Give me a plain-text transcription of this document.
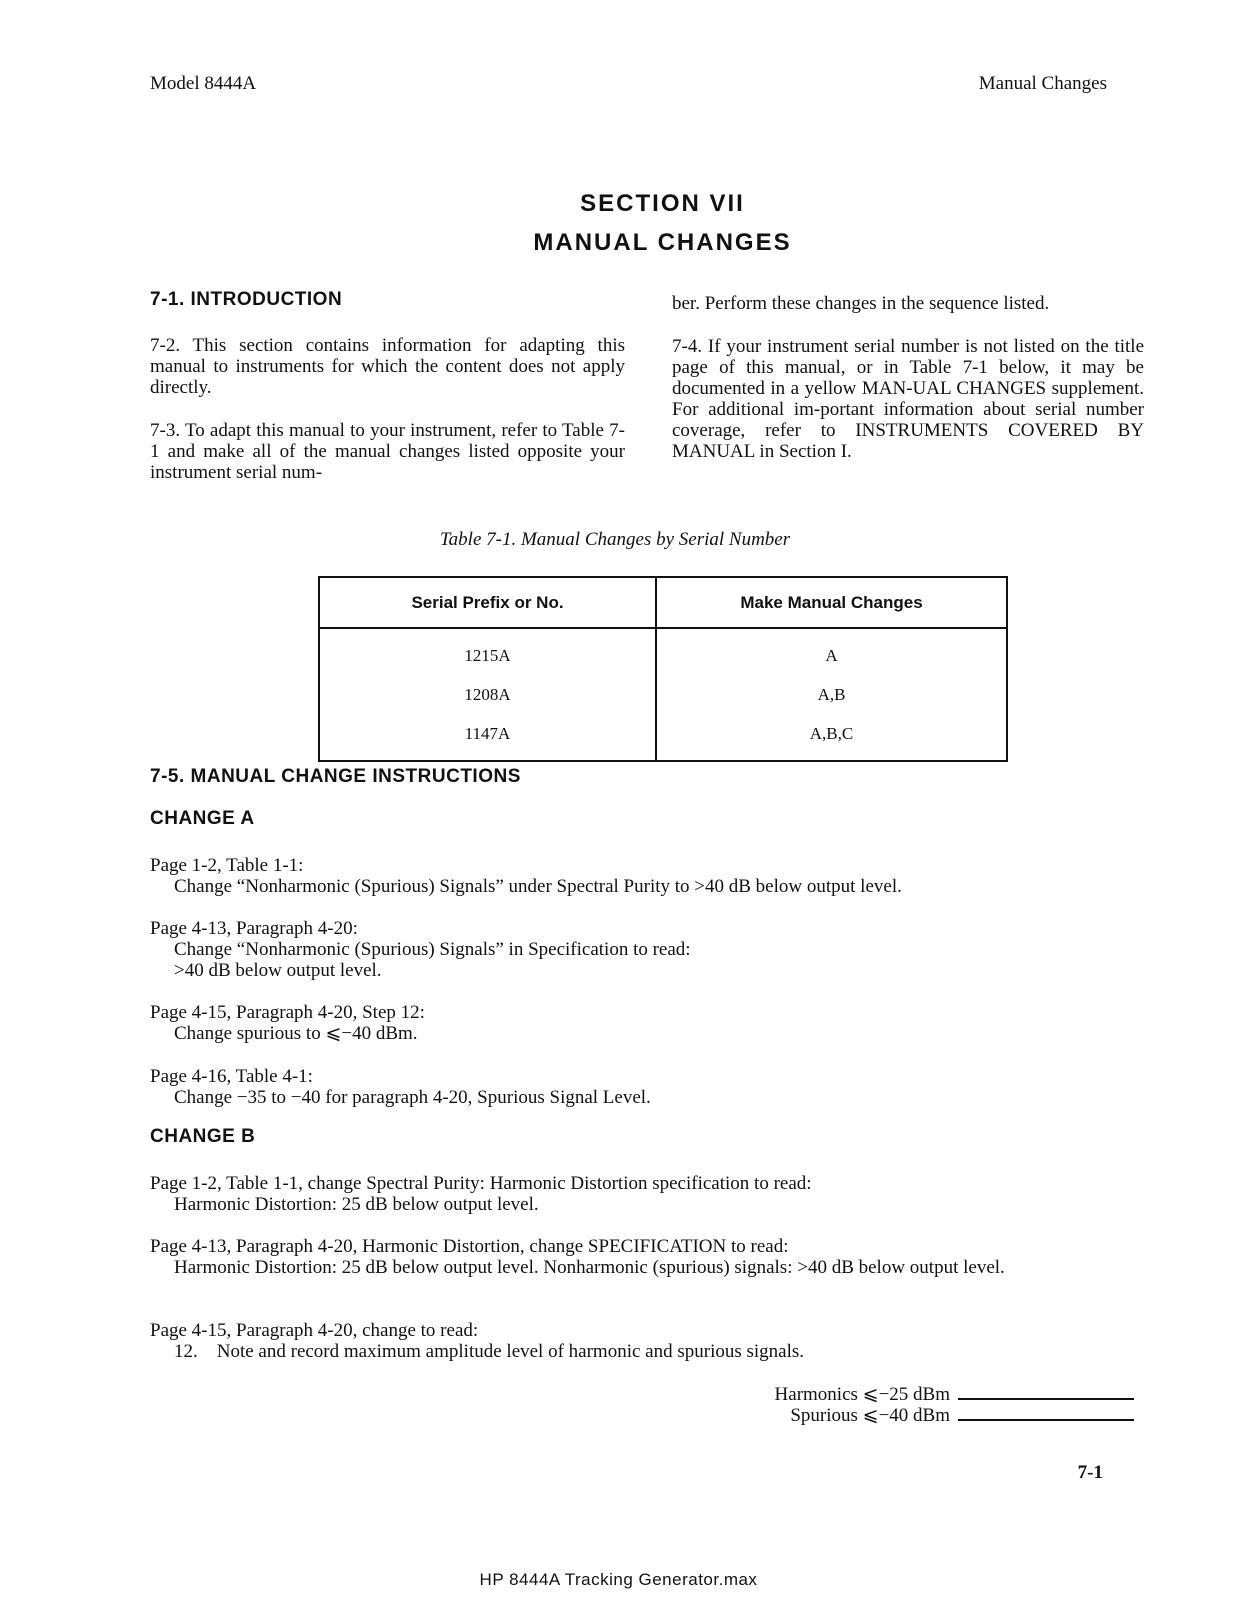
Model 8444A	Manual Changes
SECTION VII
MANUAL CHANGES
7-1. INTRODUCTION
7-2. This section contains information for adapting this manual to instruments for which the content does not apply directly.
7-3. To adapt this manual to your instrument, refer to Table 7-1 and make all of the manual changes listed opposite your instrument serial num-
ber. Perform these changes in the sequence listed.
7-4. If your instrument serial number is not listed on the title page of this manual, or in Table 7-1 below, it may be documented in a yellow MAN-UAL CHANGES supplement. For additional im-portant information about serial number coverage, refer to INSTRUMENTS COVERED BY MANUAL in Section I.
Table 7-1. Manual Changes by Serial Number
Serial Prefix or No.	Make Manual Changes
1215A	A
1208A	A,B
1147A	A,B,C
7-5. MANUAL CHANGE INSTRUCTIONS
CHANGE A
Page 1-2, Table 1-1:
Change “Nonharmonic (Spurious) Signals” under Spectral Purity to >40 dB below output level.
Page 4-13, Paragraph 4-20:
Change “Nonharmonic (Spurious) Signals” in Specification to read:
>40 dB below output level.
Page 4-15, Paragraph 4-20, Step 12:
Change spurious to ⩽−40 dBm.
Page 4-16, Table 4-1:
Change −35 to −40 for paragraph 4-20, Spurious Signal Level.
CHANGE B
Page 1-2, Table 1-1, change Spectral Purity: Harmonic Distortion specification to read:
Harmonic Distortion: 25 dB below output level.
Page 4-13, Paragraph 4-20, Harmonic Distortion, change SPECIFICATION to read:
Harmonic Distortion: 25 dB below output level. Nonharmonic (spurious) signals: >40 dB below output level.
Page 4-15, Paragraph 4-20, change to read:
12. Note and record maximum amplitude level of harmonic and spurious signals.
Harmonics ⩽−25 dBm
Spurious ⩽−40 dBm
7-1
HP 8444A Tracking Generator.max
